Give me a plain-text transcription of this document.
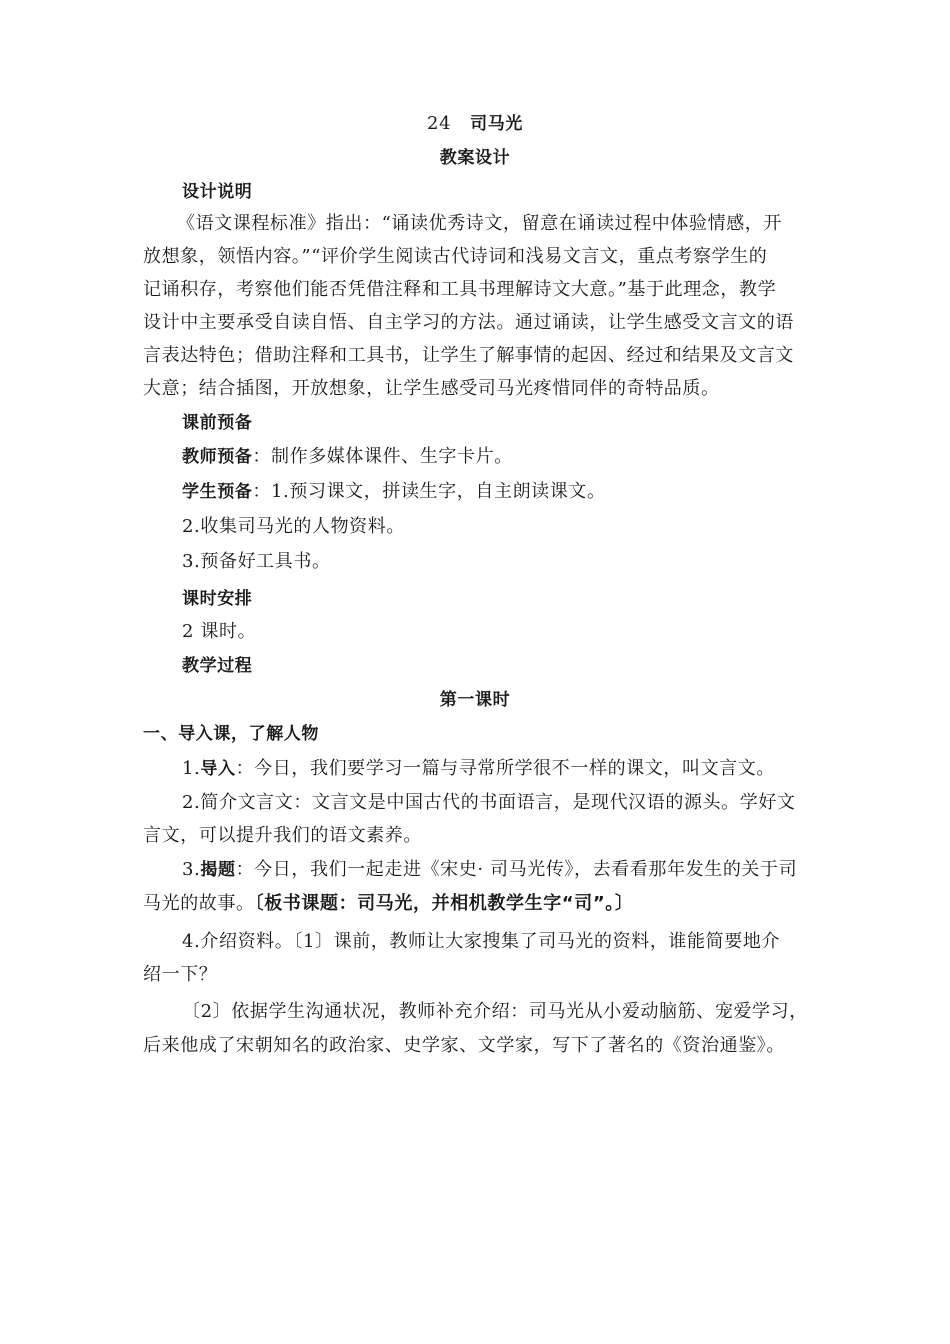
24 司马光
教案设计
设计说明
《语文课程标准》指出：“诵读优秀诗文，留意在诵读过程中体验情感，开
放想象，领悟内容。”“评价学生阅读古代诗词和浅易文言文，重点考察学生的
记诵积存，考察他们能否凭借注释和工具书理解诗文大意。”基于此理念，教学
设计中主要承受自读自悟、自主学习的方法。通过诵读，让学生感受文言文的语
言表达特色；借助注释和工具书，让学生了解事情的起因、经过和结果及文言文
大意；结合插图，开放想象，让学生感受司马光疼惜同伴的奇特品质。
课前预备
教师预备：制作多媒体课件、生字卡片。
学生预备：1.预习课文，拼读生字，自主朗读课文。
2.收集司马光的人物资料。
3.预备好工具书。
课时安排
2 课时。
教学过程
第一课时
一、导入课，了解人物
1.导入：今日，我们要学习一篇与寻常所学很不一样的课文，叫文言文。
2.简介文言文：文言文是中国古代的书面语言，是现代汉语的源头。学好文
言文，可以提升我们的语文素养。
3.揭题：今日，我们一起走进《宋史· 司马光传》，去看看那年发生的关于司
马光的故事。〔板书课题：司马光，并相机教学生字“司”。〕
4.介绍资料。〔1〕课前，教师让大家搜集了司马光的资料，谁能简要地介
绍一下？
〔2〕依据学生沟通状况，教师补充介绍：司马光从小爱动脑筋、宠爱学习，
后来他成了宋朝知名的政治家、史学家、文学家，写下了著名的《资治通鉴》。
